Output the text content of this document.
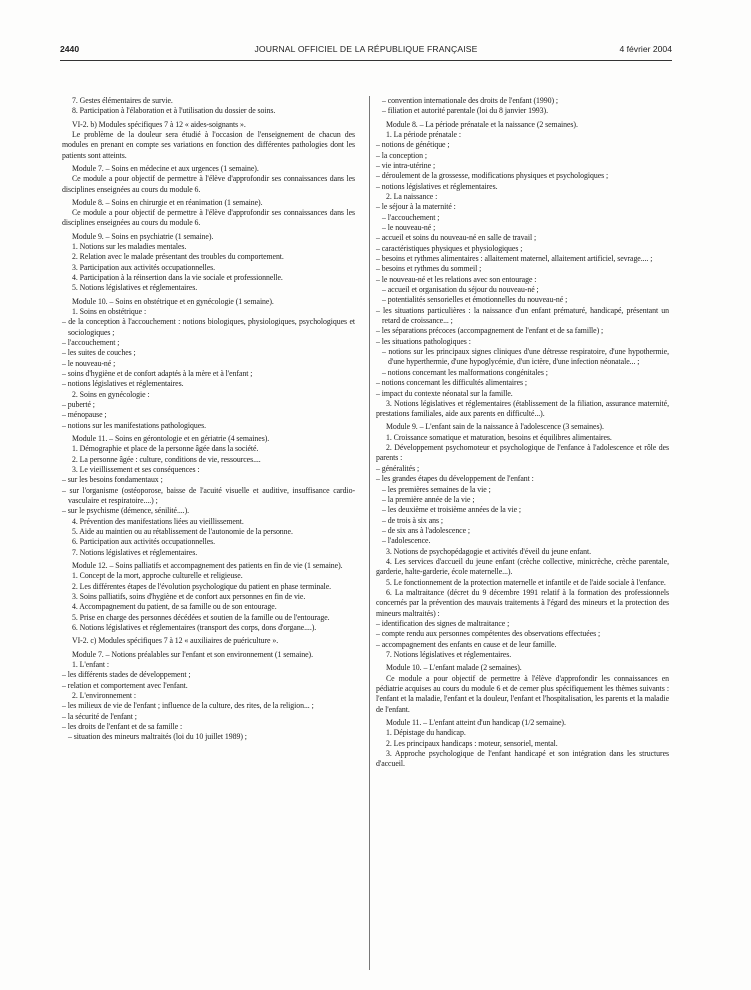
2440	JOURNAL OFFICIEL DE LA RÉPUBLIQUE FRANÇAISE	4 février 2004

7. Gestes élémentaires de survie.

8. Participation à l'élaboration et à l'utilisation du dossier de soins.

VI-2. b) Modules spécifiques 7 à 12 « aides-soignants ».

Le problème de la douleur sera étudié à l'occasion de l'enseignement de chacun des modules en prenant en compte ses variations en fonction des différentes pathologies dont les patients sont atteints.

Module 7. – Soins en médecine et aux urgences (1 semaine).

Ce module a pour objectif de permettre à l'élève d'approfondir ses connaissances dans les disciplines enseignées au cours du module 6.

Module 8. – Soins en chirurgie et en réanimation (1 semaine).

Ce module a pour objectif de permettre à l'élève d'approfondir ses connaissances dans les disciplines enseignées au cours du module 6.

Module 9. – Soins en psychiatrie (1 semaine).

1. Notions sur les maladies mentales.

2. Relation avec le malade présentant des troubles du comportement.

3. Participation aux activités occupationnelles.

4. Participation à la réinsertion dans la vie sociale et professionnelle.

5. Notions législatives et réglementaires.

Module 10. – Soins en obstétrique et en gynécologie (1 semaine).

1. Soins en obstétrique :

– de la conception à l'accouchement : notions biologiques, physiologiques, psychologiques et sociologiques ;

– l'accouchement ;

– les suites de couches ;

– le nouveau-né ;

– soins d'hygiène et de confort adaptés à la mère et à l'enfant ;

– notions législatives et réglementaires.

2. Soins en gynécologie :

– puberté ;

– ménopause ;

– notions sur les manifestations pathologiques.

Module 11. – Soins en gérontologie et en gériatrie (4 semaines).

1. Démographie et place de la personne âgée dans la société.

2. La personne âgée : culture, conditions de vie, ressources....

3. Le vieillissement et ses conséquences :

– sur les besoins fondamentaux ;

– sur l'organisme (ostéoporose, baisse de l'acuité visuelle et auditive, insuffisance cardio-vasculaire et respiratoire....) ;

– sur le psychisme (démence, sénilité....).

4. Prévention des manifestations liées au vieillissement.

5. Aide au maintien ou au rétablissement de l'autonomie de la personne.

6. Participation aux activités occupationnelles.

7. Notions législatives et réglementaires.

Module 12. – Soins palliatifs et accompagnement des patients en fin de vie (1 semaine).

1. Concept de la mort, approche culturelle et religieuse.

2. Les différentes étapes de l'évolution psychologique du patient en phase terminale.

3. Soins palliatifs, soins d'hygiène et de confort aux personnes en fin de vie.

4. Accompagnement du patient, de sa famille ou de son entourage.

5. Prise en charge des personnes décédées et soutien de la famille ou de l'entourage.

6. Notions législatives et réglementaires (transport des corps, dons d'organe....).

VI-2. c) Modules spécifiques 7 à 12 « auxiliaires de puériculture ».

Module 7. – Notions préalables sur l'enfant et son environnement (1 semaine).

1. L'enfant :

– les différents stades de développement ;

– relation et comportement avec l'enfant.

2. L'environnement :

– les milieux de vie de l'enfant ; influence de la culture, des rites, de la religion... ;

– la sécurité de l'enfant ;

– les droits de l'enfant et de sa famille :

– situation des mineurs maltraités (loi du 10 juillet 1989) ;

– convention internationale des droits de l'enfant (1990) ;

– filiation et autorité parentale (loi du 8 janvier 1993).

Module 8. – La période prénatale et la naissance (2 semaines).

1. La période prénatale :

– notions de génétique ;

– la conception ;

– vie intra-utérine ;

– déroulement de la grossesse, modifications physiques et psychologiques ;

– notions législatives et réglementaires.

2. La naissance :

– le séjour à la maternité :

– l'accouchement ;

– le nouveau-né ;

– accueil et soins du nouveau-né en salle de travail ;

– caractéristiques physiques et physiologiques ;

– besoins et rythmes alimentaires : allaitement maternel, allaitement artificiel, sevrage.... ;

– besoins et rythmes du sommeil ;

– le nouveau-né et les relations avec son entourage :

– accueil et organisation du séjour du nouveau-né ;

– potentialités sensorielles et émotionnelles du nouveau-né ;

– les situations particulières : la naissance d'un enfant prématuré, handicapé, présentant un retard de croissance... ;

– les séparations précoces (accompagnement de l'enfant et de sa famille) ;

– les situations pathologiques :

– notions sur les principaux signes cliniques d'une détresse respiratoire, d'une hypothermie, d'une hyperthermie, d'une hypoglycémie, d'un ictère, d'une infection néonatale... ;

– notions concernant les malformations congénitales ;

– notions concernant les difficultés alimentaires ;

– impact du contexte néonatal sur la famille.

3. Notions législatives et réglementaires (établissement de la filiation, assurance maternité, prestations familiales, aide aux parents en difficulté...).

Module 9. – L'enfant sain de la naissance à l'adolescence (3 semaines).

1. Croissance somatique et maturation, besoins et équilibres alimentaires.

2. Développement psychomoteur et psychologique de l'enfance à l'adolescence et rôle des parents :

– généralités ;

– les grandes étapes du développement de l'enfant :

– les premières semaines de la vie ;

– la première année de la vie ;

– les deuxième et troisième années de la vie ;

– de trois à six ans ;

– de six ans à l'adolescence ;

– l'adolescence.

3. Notions de psychopédagogie et activités d'éveil du jeune enfant.

4. Les services d'accueil du jeune enfant (crèche collective, minicrèche, crèche parentale, garderie, halte-garderie, école maternelle...).

5. Le fonctionnement de la protection maternelle et infantile et de l'aide sociale à l'enfance.

6. La maltraitance (décret du 9 décembre 1991 relatif à la formation des professionnels concernés par la prévention des mauvais traitements à l'égard des mineurs et la protection des mineurs maltraités) :

– identification des signes de maltraitance ;

– compte rendu aux personnes compétentes des observations effectuées ;

– accompagnement des enfants en cause et de leur famille.

7. Notions législatives et réglementaires.

Module 10. – L'enfant malade (2 semaines).

Ce module a pour objectif de permettre à l'élève d'approfondir les connaissances en pédiatrie acquises au cours du module 6 et de cerner plus spécifiquement les thèmes suivants : l'enfant et la maladie, l'enfant et la douleur, l'enfant et l'hospitalisation, les parents et la maladie de l'enfant.

Module 11. – L'enfant atteint d'un handicap (1/2 semaine).

1. Dépistage du handicap.

2. Les principaux handicaps : moteur, sensoriel, mental.

3. Approche psychologique de l'enfant handicapé et son intégration dans les structures d'accueil.
